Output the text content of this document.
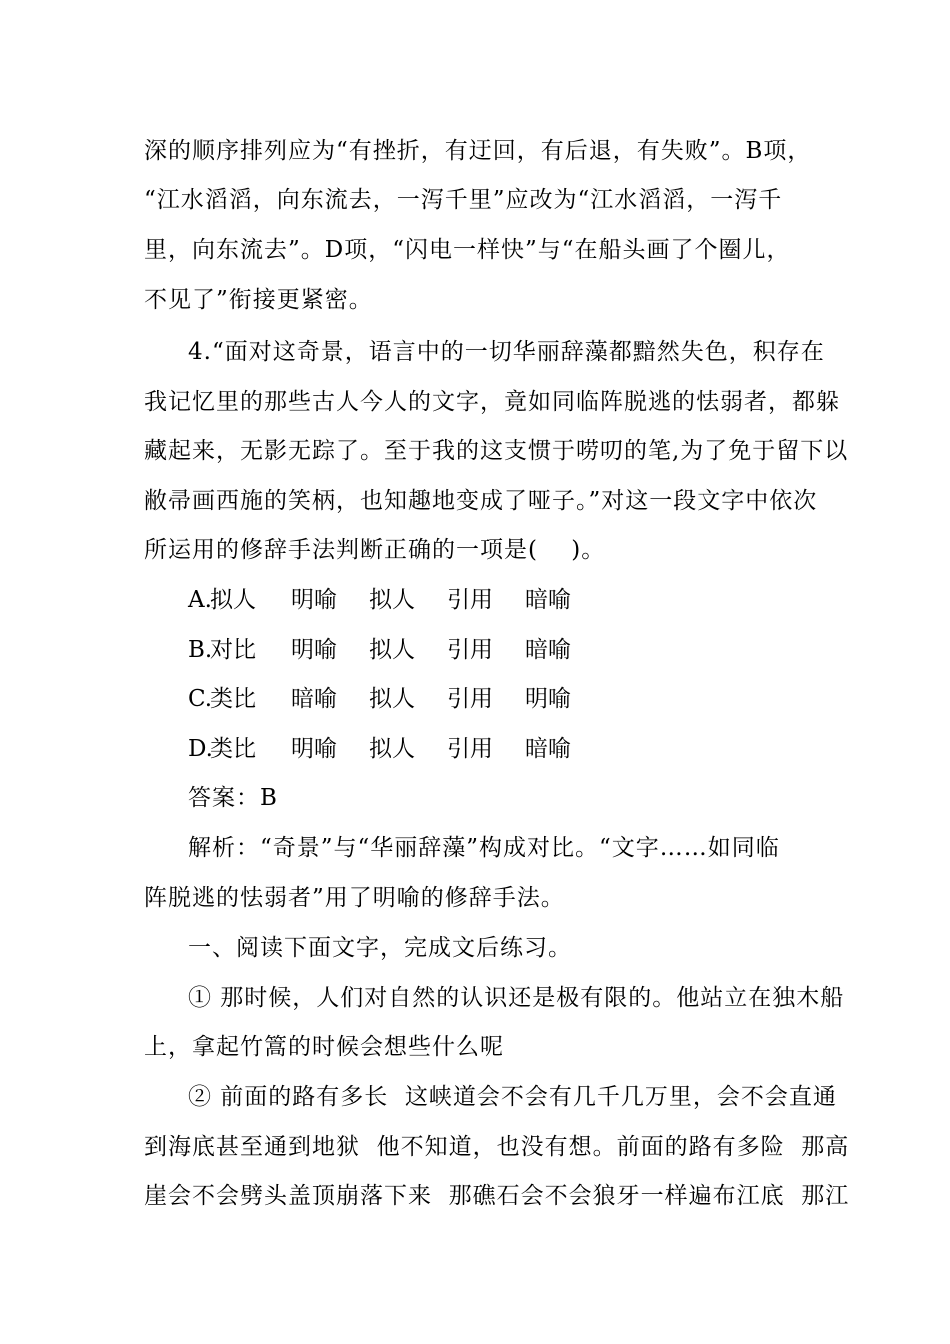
深的顺序排列应为“有挫折，有迂回，有后退，有失败”。B项，
“江水滔滔，向东流去，一泻千里”应改为“江水滔滔，一泻千
里，向东流去”。D项，“闪电一样快”与“在船头画了个圈儿，
不见了”衔接更紧密。
4.“面对这奇景，语言中的一切华丽辞藻都黯然失色，积存在
我记忆里的那些古人今人的文字，竟如同临阵脱逃的怯弱者，都躲
藏起来，无影无踪了。至于我的这支惯于唠叨的笔,为了免于留下以
敝帚画西施的笑柄，也知趣地变成了哑子。”对这一段文字中依次
所运用的修辞手法判断正确的一项是(    )。
A.
拟人 明喻 拟人 引用 暗喻
B.
对比 明喻 拟人 引用 暗喻
C.
类比 暗喻 拟人 引用 明喻
D.
类比 明喻 拟人 引用 暗喻
答案：B
解析：“奇景”与“华丽辞藻”构成对比。“文字……如同临
阵脱逃的怯弱者”用了明喻的修辞手法。
一、阅读下面文字，完成文后练习。
① 那时候，人们对自然的认识还是极有限的。他站立在独木船
上，拿起竹篙的时候会想些什么呢
② 前面的路有多长  这峡道会不会有几千几万里，会不会直通
到海底甚至通到地狱  他不知道，也没有想。前面的路有多险  那高
崖会不会劈头盖顶崩落下来  那礁石会不会狼牙一样遍布江底  那江
